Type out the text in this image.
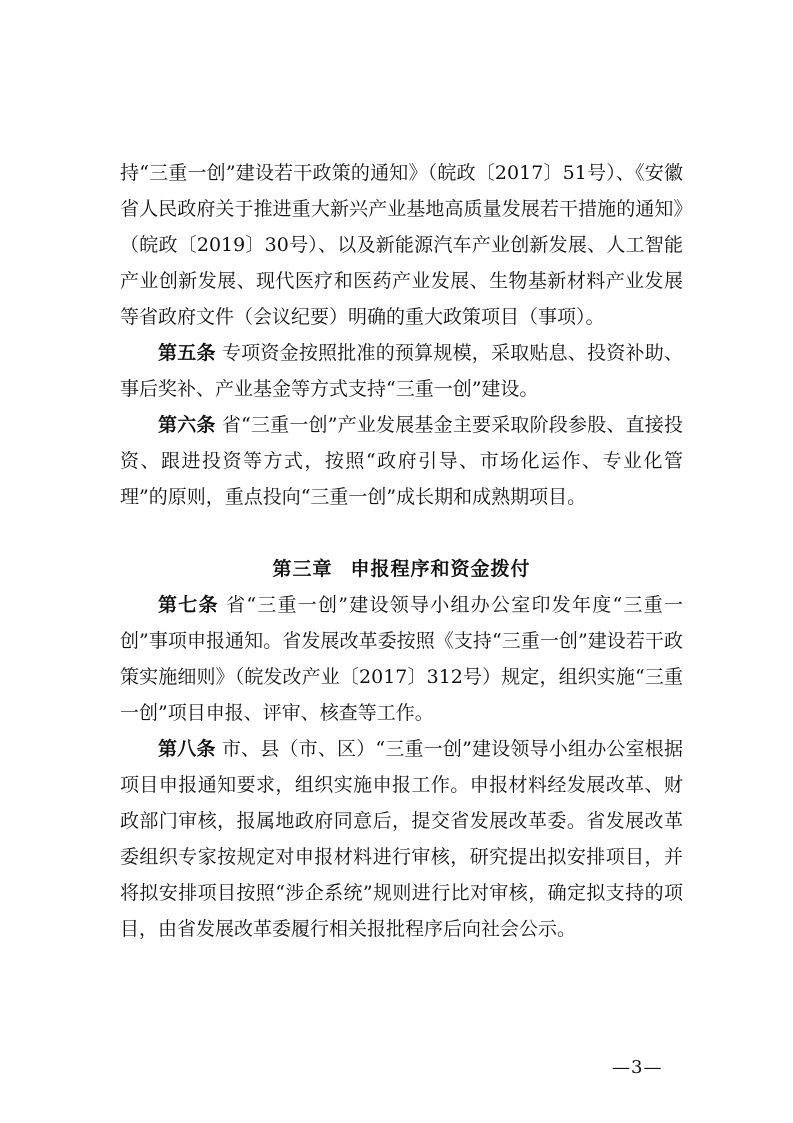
持“三重一创”建设若干政策的通知》（皖政〔2017〕51号）、《安徽省人民政府关于推进重大新兴产业基地高质量发展若干措施的通知》（皖政〔2019〕30号）、以及新能源汽车产业创新发展、人工智能产业创新发展、现代医疗和医药产业发展、生物基新材料产业发展等省政府文件（会议纪要）明确的重大政策项目（事项）。

第五条 专项资金按照批准的预算规模，采取贴息、投资补助、事后奖补、产业基金等方式支持“三重一创”建设。

第六条 省“三重一创”产业发展基金主要采取阶段参股、直接投资、跟进投资等方式，按照“政府引导、市场化运作、专业化管理”的原则，重点投向“三重一创”成长期和成熟期项目。

第三章 申报程序和资金拨付

第七条 省“三重一创”建设领导小组办公室印发年度“三重一创”事项申报通知。省发展改革委按照《支持“三重一创”建设若干政策实施细则》（皖发改产业〔2017〕312号）规定，组织实施“三重一创”项目申报、评审、核查等工作。

第八条 市、县（市、区）“三重一创”建设领导小组办公室根据项目申报通知要求，组织实施申报工作。申报材料经发展改革、财政部门审核，报属地政府同意后，提交省发展改革委。省发展改革委组织专家按规定对申报材料进行审核，研究提出拟安排项目，并将拟安排项目按照“涉企系统”规则进行比对审核，确定拟支持的项目，由省发展改革委履行相关报批程序后向社会公示。

—3—
